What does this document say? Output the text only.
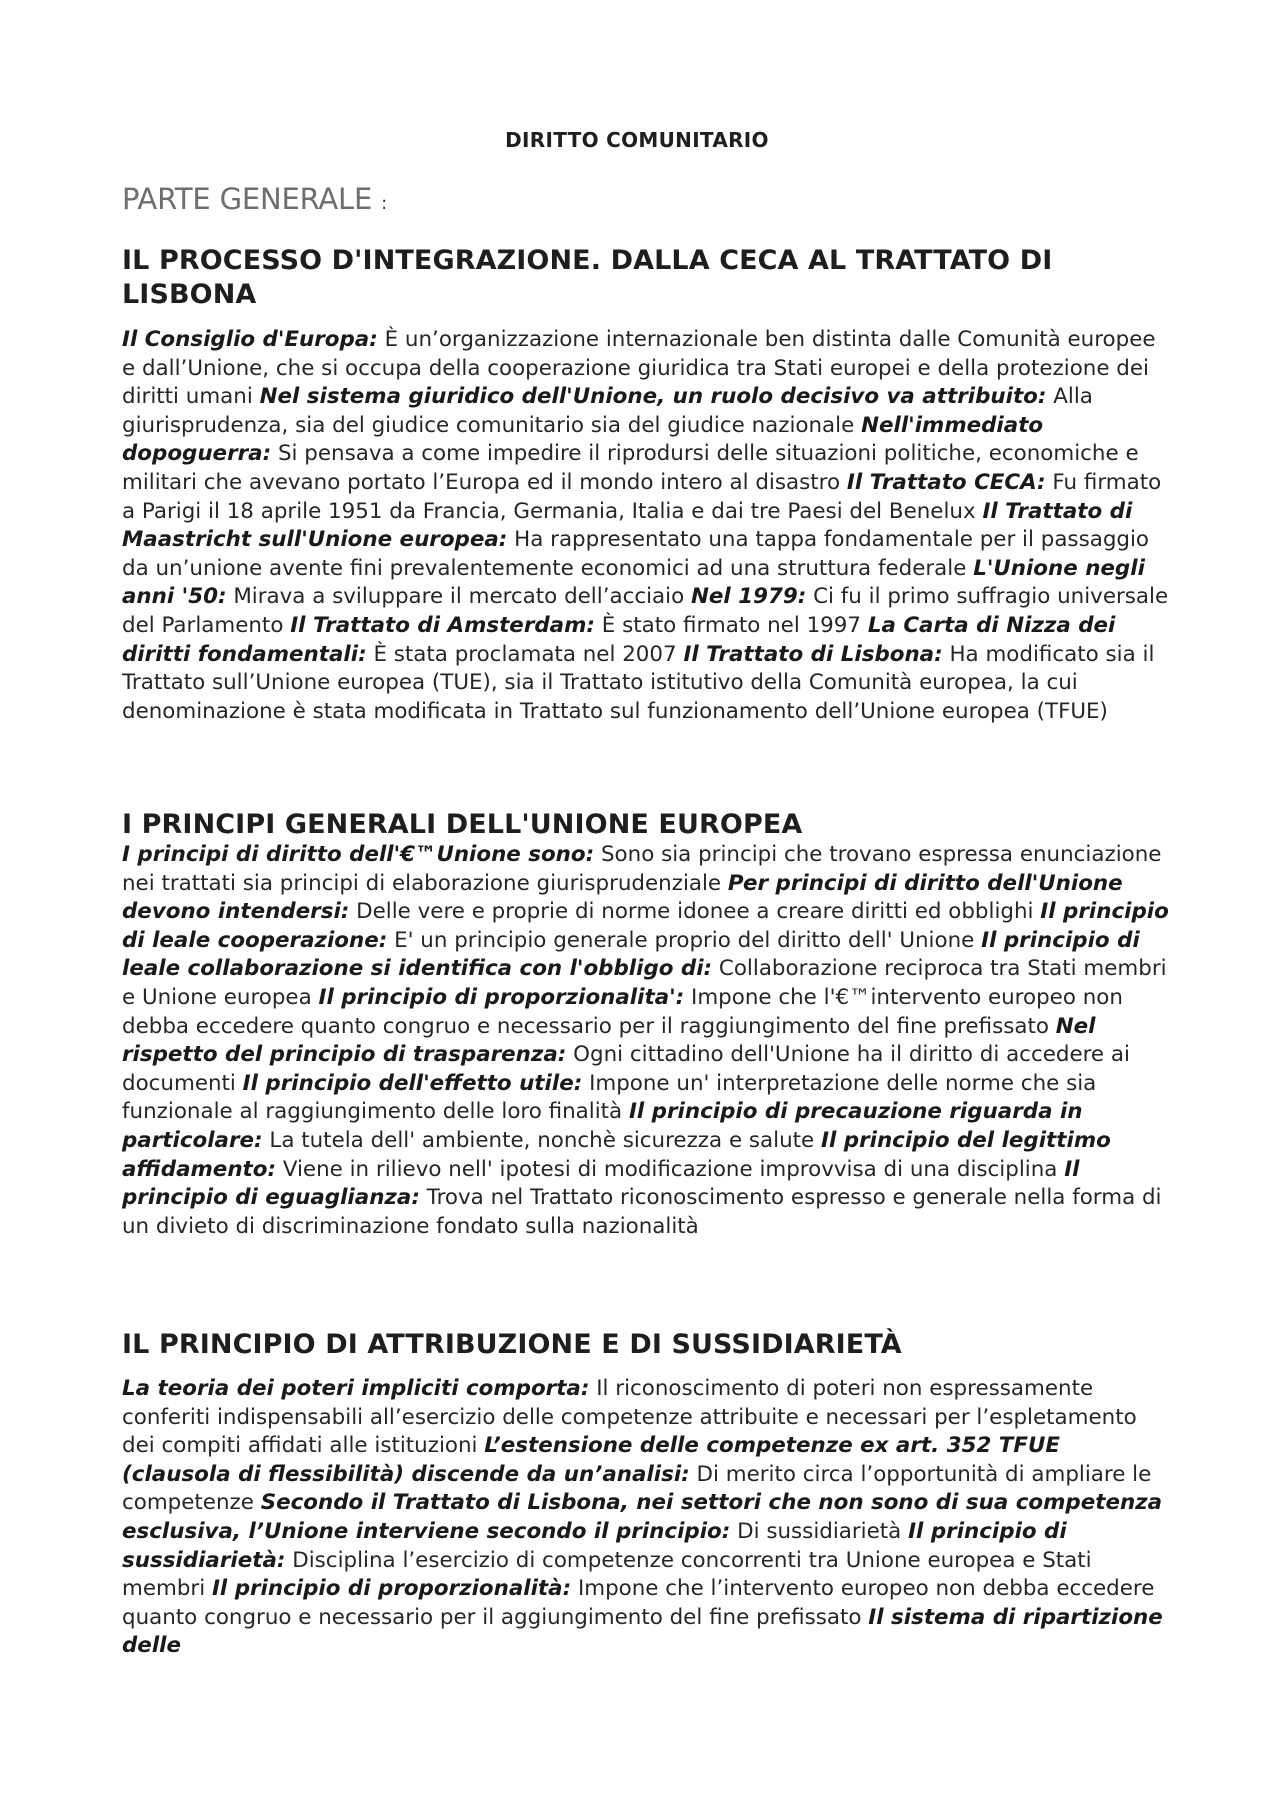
DIRITTO COMUNITARIO
PARTE GENERALE :
IL PROCESSO D'INTEGRAZIONE. DALLA CECA AL TRATTATO DI LISBONA
Il Consiglio d'Europa: È un’organizzazione internazionale ben distinta dalle Comunità europee e dall’Unione, che si occupa della cooperazione giuridica tra Stati europei e della protezione dei diritti umani Nel sistema giuridico dell'Unione, un ruolo decisivo va attribuito: Alla giurisprudenza, sia del giudice comunitario sia del giudice nazionale Nell'immediato dopoguerra: Si pensava a come impedire il riprodursi delle situazioni politiche, economiche e militari che avevano portato l’Europa ed il mondo intero al disastro Il Trattato CECA: Fu firmato a Parigi il 18 aprile 1951 da Francia, Germania, Italia e dai tre Paesi del Benelux Il Trattato di Maastricht sull'Unione europea: Ha rappresentato una tappa fondamentale per il passaggio da un’unione avente fini prevalentemente economici ad una struttura federale L'Unione negli anni '50: Mirava a sviluppare il mercato dell’acciaio Nel 1979: Ci fu il primo suffragio universale del Parlamento Il Trattato di Amsterdam: È stato firmato nel 1997 La Carta di Nizza dei diritti fondamentali: È stata proclamata nel 2007 Il Trattato di Lisbona: Ha modificato sia il Trattato sull’Unione europea (TUE), sia il Trattato istitutivo della Comunità europea, la cui denominazione è stata modificata in Trattato sul funzionamento dell’Unione europea (TFUE)
I PRINCIPI GENERALI DELL'UNIONE EUROPEA
I principi di diritto dell'€™Unione sono: Sono sia principi che trovano espressa enunciazione nei trattati sia principi di elaborazione giurisprudenziale Per principi di diritto dell'Unione devono intendersi: Delle vere e proprie di norme idonee a creare diritti ed obblighi Il principio di leale cooperazione: E' un principio generale proprio del diritto dell' Unione Il principio di leale collaborazione si identifica con l'obbligo di: Collaborazione reciproca tra Stati membri e Unione europea Il principio di proporzionalita': Impone che l'€™intervento europeo non debba eccedere quanto congruo e necessario per il raggiungimento del fine prefissato Nel rispetto del principio di trasparenza: Ogni cittadino dell'Unione ha il diritto di accedere ai documenti Il principio dell'effetto utile: Impone un' interpretazione delle norme che sia funzionale al raggiungimento delle loro finalità Il principio di precauzione riguarda in particolare: La tutela dell' ambiente, nonchè sicurezza e salute Il principio del legittimo affidamento: Viene in rilievo nell' ipotesi di modificazione improvvisa di una disciplina Il principio di eguaglianza: Trova nel Trattato riconoscimento espresso e generale nella forma di un divieto di discriminazione fondato sulla nazionalità
IL PRINCIPIO DI ATTRIBUZIONE E DI SUSSIDIARIETÀ
La teoria dei poteri impliciti comporta: Il riconoscimento di poteri non espressamente conferiti indispensabili all’esercizio delle competenze attribuite e necessari per l’espletamento dei compiti affidati alle istituzioni L’estensione delle competenze ex art. 352 TFUE (clausola di flessibilità) discende da un’analisi: Di merito circa l’opportunità di ampliare le competenze Secondo il Trattato di Lisbona, nei settori che non sono di sua competenza esclusiva, l’Unione interviene secondo il principio: Di sussidiarietà Il principio di sussidiarietà: Disciplina l’esercizio di competenze concorrenti tra Unione europea e Stati membri Il principio di proporzionalità: Impone che l’intervento europeo non debba eccedere quanto congruo e necessario per il aggiungimento del fine prefissato Il sistema di ripartizione delle
